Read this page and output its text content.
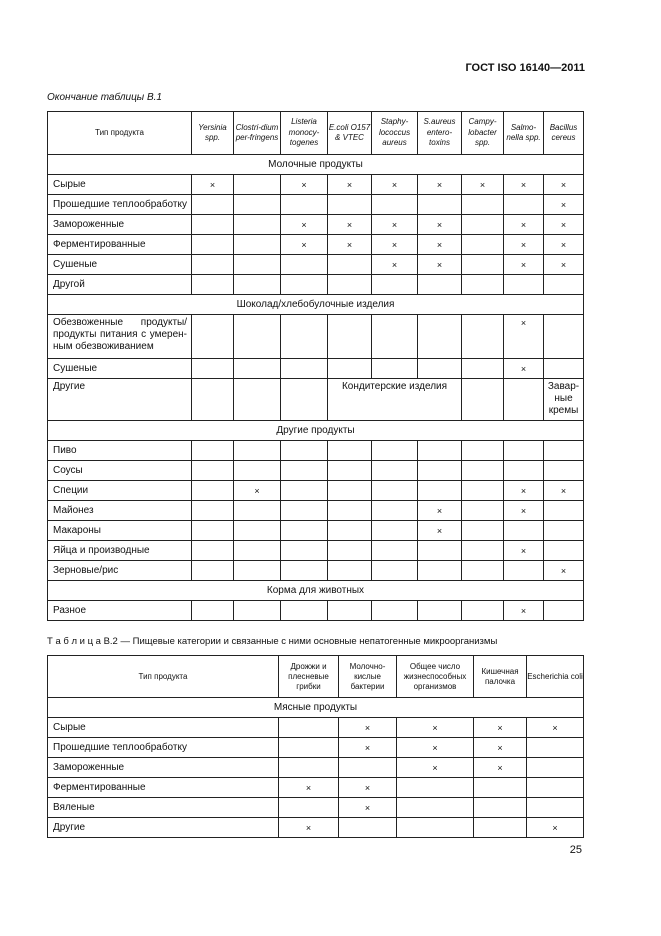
ГОСТ ISO 16140—2011
Окончание таблицы В.1
Тип продукта	Yersinia spp.	Clostri-dium per-fringens	Listeria monocy-togenes	E.coli O157 & VTEC	Staphy-lococcus aureus	S.aureus entero-toxins	Campy-lobacter spp.	Salmo-nella spp.	Bacillus cereus
Молочные продукты									
Сырые	×		×	×	×	×	×	×	×
Прошедшие теплообработку									×
Замороженные			×	×	×	×		×	×
Ферментированные			×	×	×	×		×	×
Сушеные					×	×		×	×
Другой									
Шоколад/хлебобулочные изделия									
Обезвоженные продукты/ продукты питания с умерен-ным обезвоживанием								×	
Сушеные								×	
Другие				Кондитерские изделия					Завар-ные кремы
Другие продукты									
Пиво									
Соусы									
Специи		×						×	×
Майонез						×		×	
Макароны						×			
Яйца и производные								×	
Зерновые/рис									×
Корма для животных									
Разное								×	
Т а б л и ц а В.2 — Пищевые категории и связанные с ними основные непатогенные микроорганизмы
Тип продукта	Дрожжи и плесневые грибки	Молочно-кислые бактерии	Общее число жизнеспособных организмов	Кишечная палочка	Escherichia coli
Мясные продукты					
Сырые		×	×	×	×
Прошедшие теплообработку		×	×	×	
Замороженные			×	×	
Ферментированные	×	×			
Вяленые		×			
Другие	×				×
25
